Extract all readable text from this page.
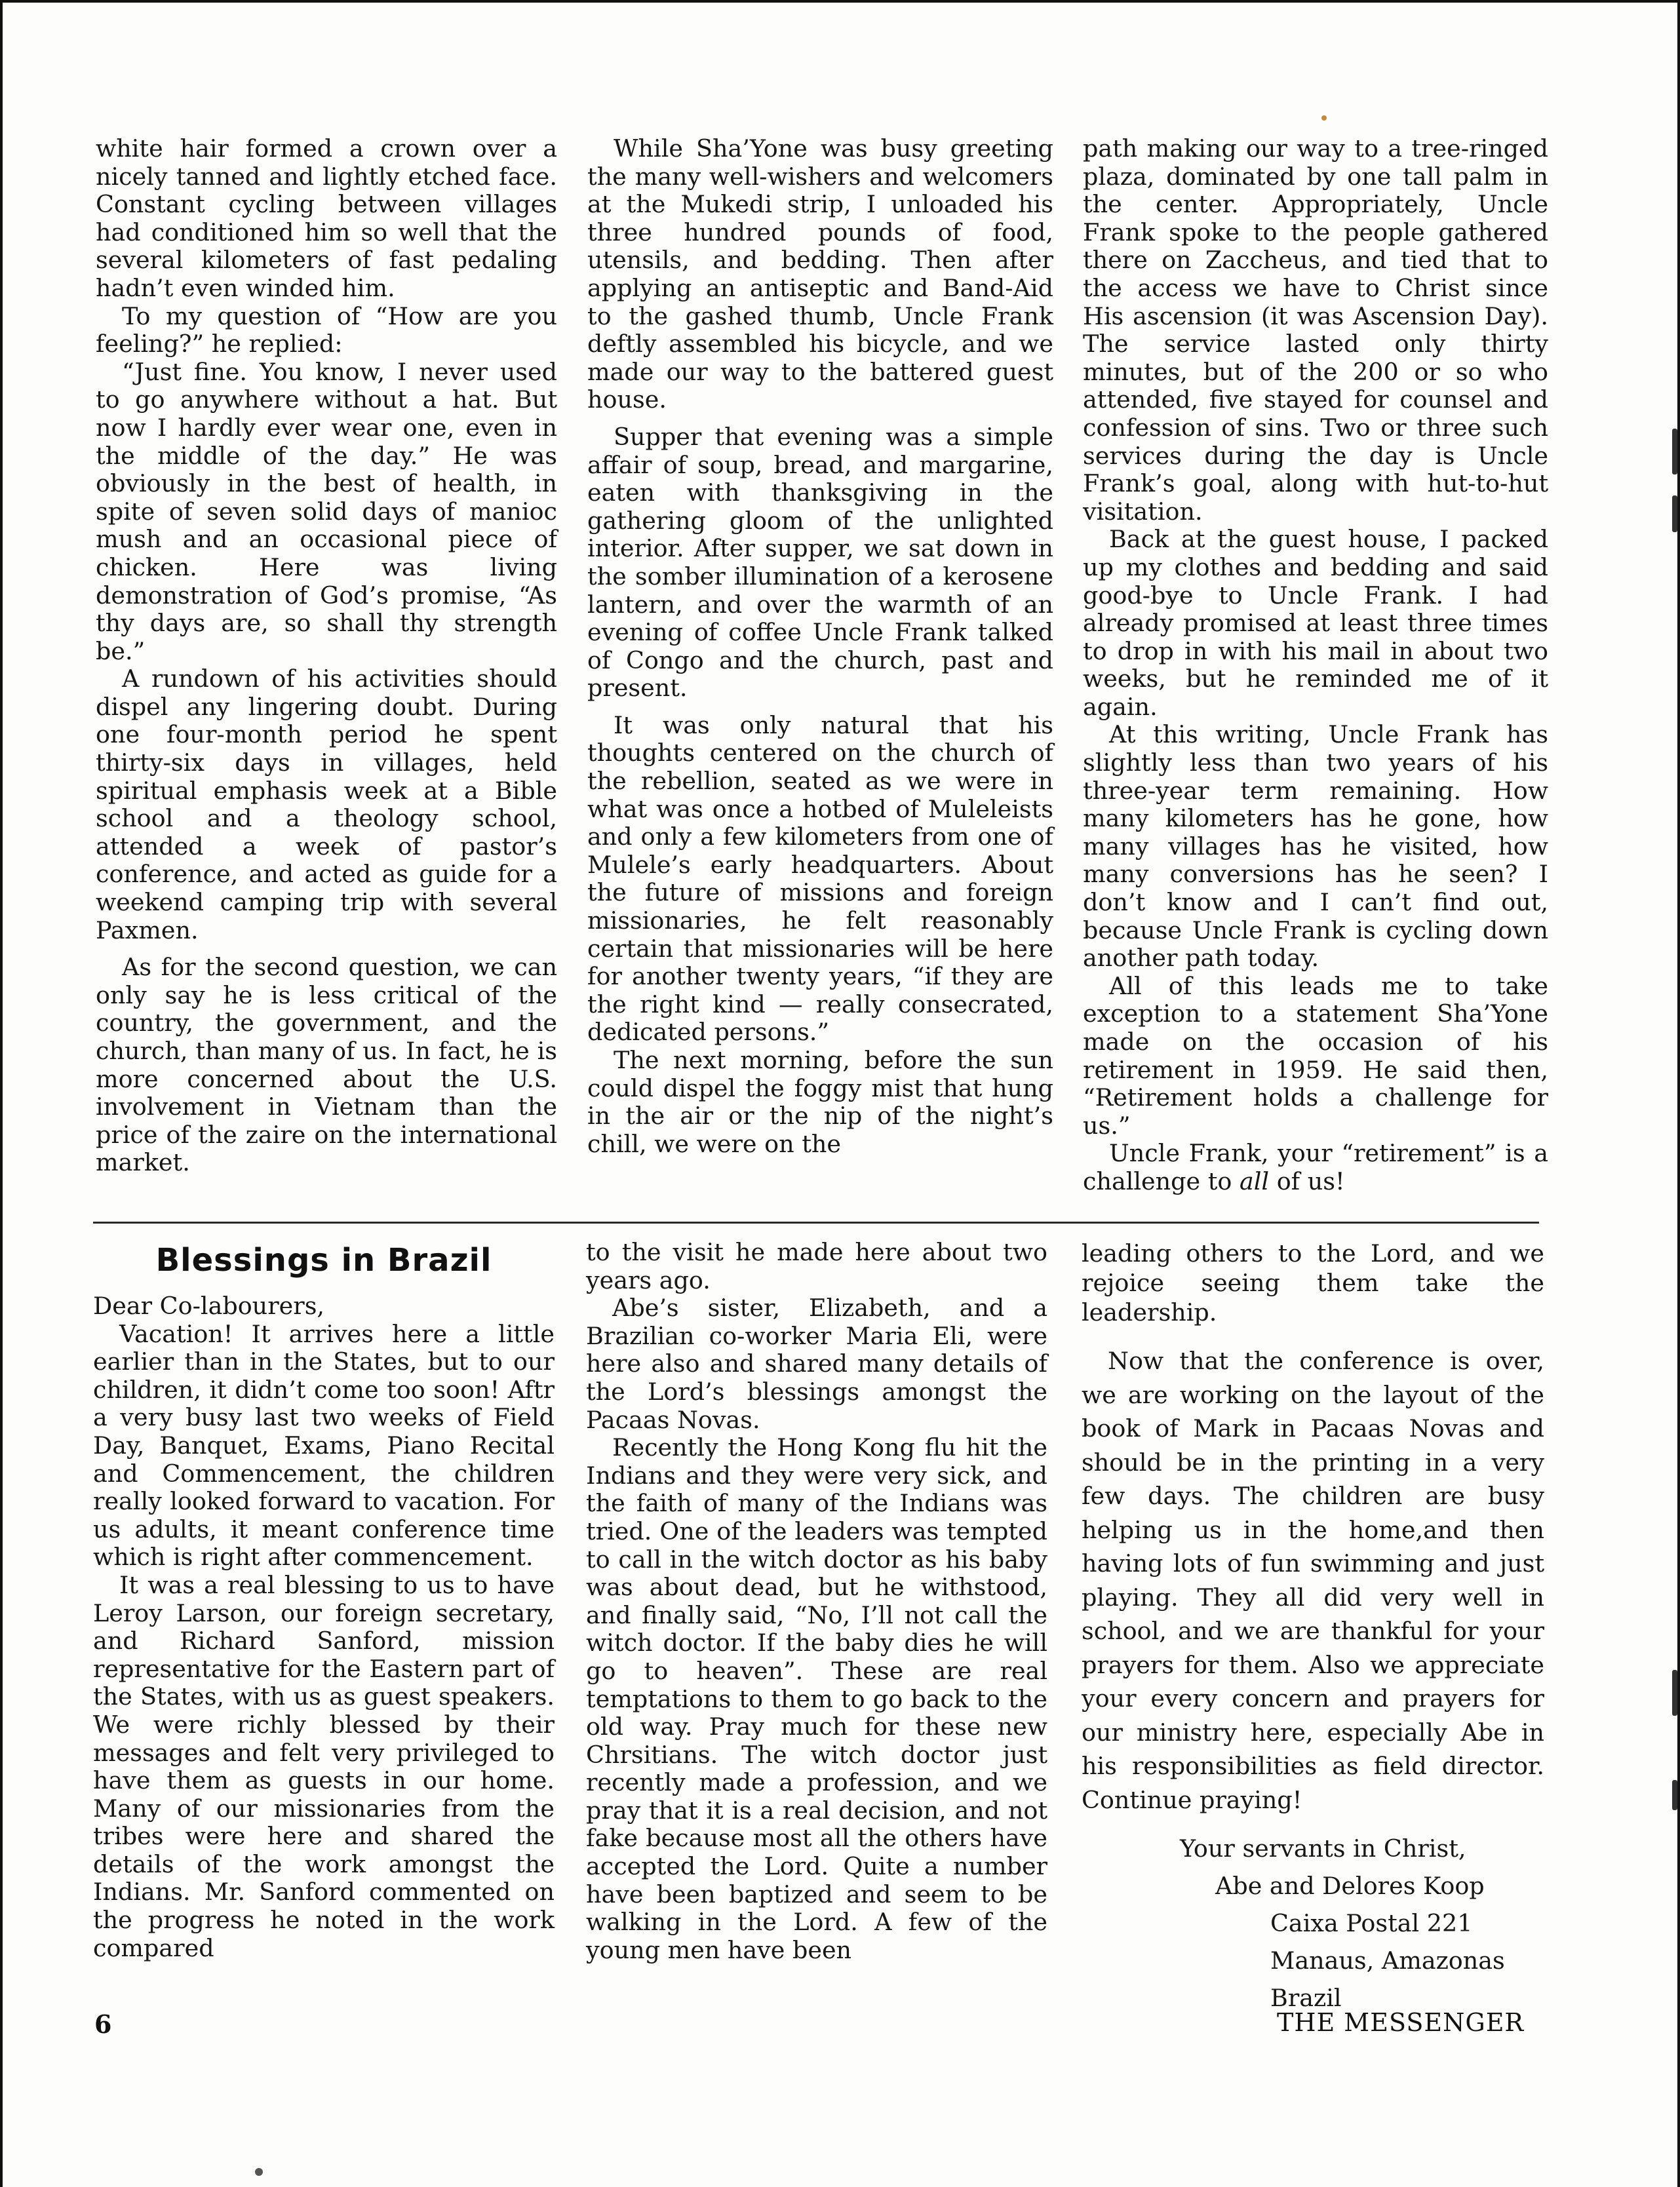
white hair formed a crown over a nicely tanned and lightly etched face. Constant cycling between villages had conditioned him so well that the several kilometers of fast pedaling hadn’t even winded him.

To my question of “How are you feeling?” he replied:

“Just fine. You know, I never used to go anywhere without a hat. But now I hardly ever wear one, even in the middle of the day.” He was obviously in the best of health, in spite of seven solid days of manioc mush and an occasional piece of chicken. Here was living demonstration of God’s promise, “As thy days are, so shall thy strength be.”

A rundown of his activities should dispel any lingering doubt. During one four-month period he spent thirty-six days in villages, held spiritual emphasis week at a Bible school and a theology school, attended a week of pastor’s conference, and acted as guide for a weekend camping trip with several Paxmen.

As for the second question, we can only say he is less critical of the country, the government, and the church, than many of us. In fact, he is more concerned about the U.S. involvement in Vietnam than the price of the zaire on the international market.

While Sha’Yone was busy greeting the many well-wishers and welcomers at the Mukedi strip, I unloaded his three hundred pounds of food, utensils, and bedding. Then after applying an antiseptic and Band-Aid to the gashed thumb, Uncle Frank deftly assembled his bicycle, and we made our way to the battered guest house.

Supper that evening was a simple affair of soup, bread, and margarine, eaten with thanksgiving in the gathering gloom of the unlighted interior. After supper, we sat down in the somber illumination of a kerosene lantern, and over the warmth of an evening of coffee Uncle Frank talked of Congo and the church, past and present.

It was only natural that his thoughts centered on the church of the rebellion, seated as we were in what was once a hotbed of Muleleists and only a few kilometers from one of Mulele’s early headquarters. About the future of missions and foreign missionaries, he felt reasonably certain that missionaries will be here for another twenty years, “if they are the right kind — really consecrated, dedicated persons.”

The next morning, before the sun could dispel the foggy mist that hung in the air or the nip of the night’s chill, we were on the

path making our way to a tree-ringed plaza, dominated by one tall palm in the center. Appropriately, Uncle Frank spoke to the people gathered there on Zaccheus, and tied that to the access we have to Christ since His ascension (it was Ascension Day). The service lasted only thirty minutes, but of the 200 or so who attended, five stayed for counsel and confession of sins. Two or three such services during the day is Uncle Frank’s goal, along with hut-to-hut visitation.

Back at the guest house, I packed up my clothes and bedding and said good-bye to Uncle Frank. I had already promised at least three times to drop in with his mail in about two weeks, but he reminded me of it again.

At this writing, Uncle Frank has slightly less than two years of his three-year term remaining. How many kilometers has he gone, how many villages has he visited, how many conversions has he seen? I don’t know and I can’t find out, because Uncle Frank is cycling down another path today.

All of this leads me to take exception to a statement Sha’Yone made on the occasion of his retirement in 1959. He said then, “Retirement holds a challenge for us.”

Uncle Frank, your “retirement” is a challenge to all of us!

Blessings in Brazil

Dear Co-labourers,

Vacation! It arrives here a little earlier than in the States, but to our children, it didn’t come too soon! Aftr a very busy last two weeks of Field Day, Banquet, Exams, Piano Recital and Commencement, the children really looked forward to vacation. For us adults, it meant conference time which is right after commencement.

It was a real blessing to us to have Leroy Larson, our foreign secretary, and Richard Sanford, mission representative for the Eastern part of the States, with us as guest speakers. We were richly blessed by their messages and felt very privileged to have them as guests in our home. Many of our missionaries from the tribes were here and shared the details of the work amongst the Indians. Mr. Sanford commented on the progress he noted in the work compared

to the visit he made here about two years ago.

Abe’s sister, Elizabeth, and a Brazilian co-worker Maria Eli, were here also and shared many details of the Lord’s blessings amongst the Pacaas Novas.

Recently the Hong Kong flu hit the Indians and they were very sick, and the faith of many of the Indians was tried. One of the leaders was tempted to call in the witch doctor as his baby was about dead, but he withstood, and finally said, “No, I’ll not call the witch doctor. If the baby dies he will go to heaven”. These are real temptations to them to go back to the old way. Pray much for these new Chrsitians. The witch doctor just recently made a profession, and we pray that it is a real decision, and not fake because most all the others have accepted the Lord. Quite a number have been baptized and seem to be walking in the Lord. A few of the young men have been

leading others to the Lord, and we rejoice seeing them take the leadership.

Now that the conference is over, we are working on the layout of the book of Mark in Pacaas Novas and should be in the printing in a very few days. The children are busy helping us in the home,and then having lots of fun swimming and just playing. They all did very well in school, and we are thankful for your prayers for them. Also we appreciate your every concern and prayers for our ministry here, especially Abe in his responsibilities as field director. Continue praying!

Your servants in Christ,
Abe and Delores Koop
Caixa Postal 221
Manaus, Amazonas
Brazil
6	THE MESSENGER
